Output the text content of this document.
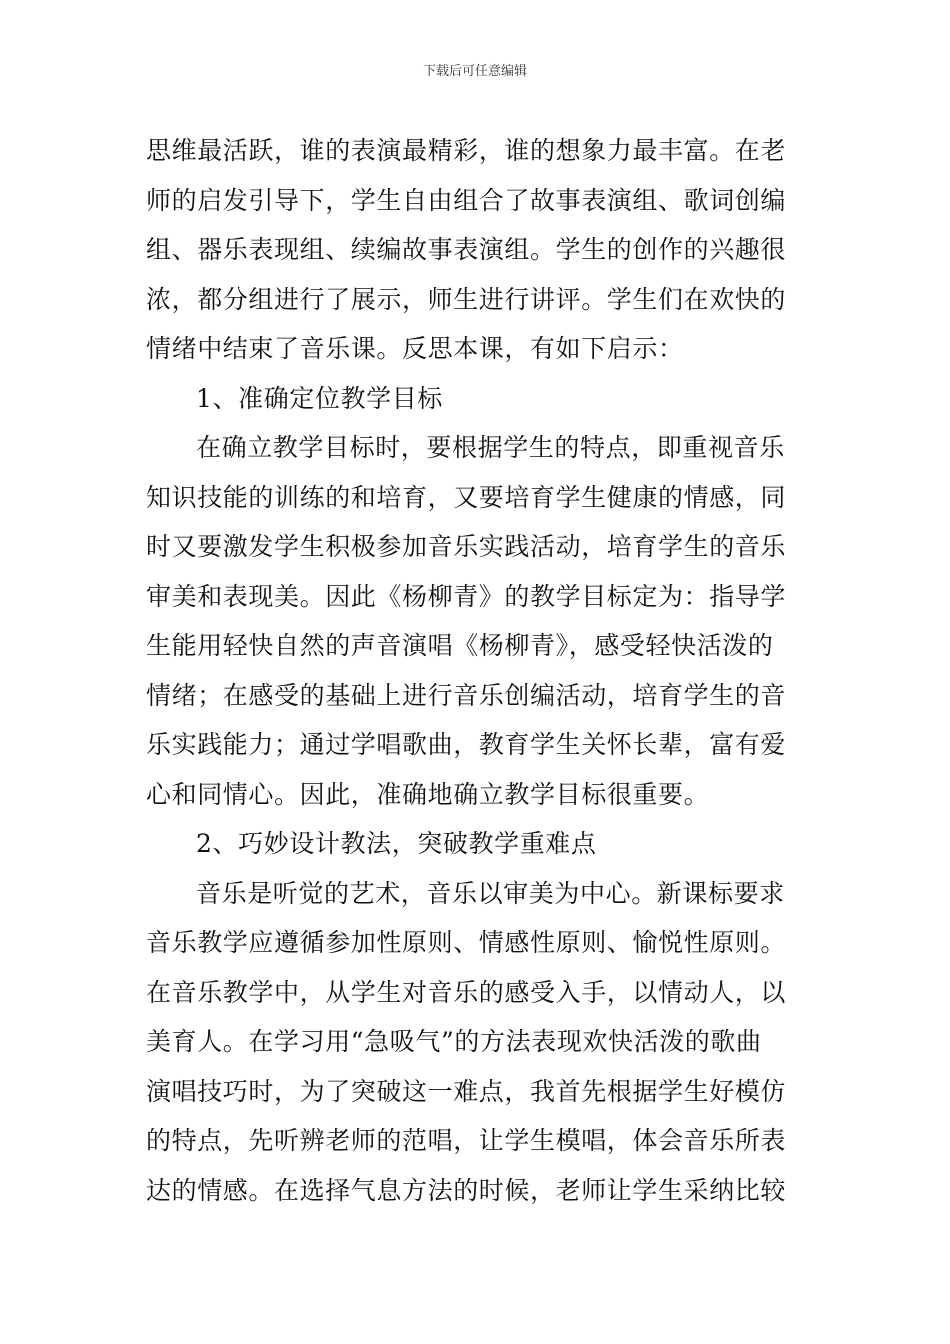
下载后可任意编辑
思维最活跃，谁的表演最精彩，谁的想象力最丰富。在老
师的启发引导下，学生自由组合了故事表演组、歌词创编
组、器乐表现组、续编故事表演组。学生的创作的兴趣很
浓，都分组进行了展示，师生进行讲评。学生们在欢快的
情绪中结束了音乐课。反思本课，有如下启示：
1、准确定位教学目标
在确立教学目标时，要根据学生的特点，即重视音乐
知识技能的训练的和培育，又要培育学生健康的情感，同
时又要激发学生积极参加音乐实践活动，培育学生的音乐
审美和表现美。因此《杨柳青》的教学目标定为：指导学
生能用轻快自然的声音演唱《杨柳青》，感受轻快活泼的
情绪；在感受的基础上进行音乐创编活动，培育学生的音
乐实践能力；通过学唱歌曲，教育学生关怀长辈，富有爱
心和同情心。因此，准确地确立教学目标很重要。
2、巧妙设计教法，突破教学重难点
音乐是听觉的艺术，音乐以审美为中心。新课标要求
音乐教学应遵循参加性原则、情感性原则、愉悦性原则。
在音乐教学中，从学生对音乐的感受入手，以情动人，以
美育人。在学习用“急吸气”的方法表现欢快活泼的歌曲
演唱技巧时，为了突破这一难点，我首先根据学生好模仿
的特点，先听辨老师的范唱，让学生模唱，体会音乐所表
达的情感。在选择气息方法的时候，老师让学生采纳比较
